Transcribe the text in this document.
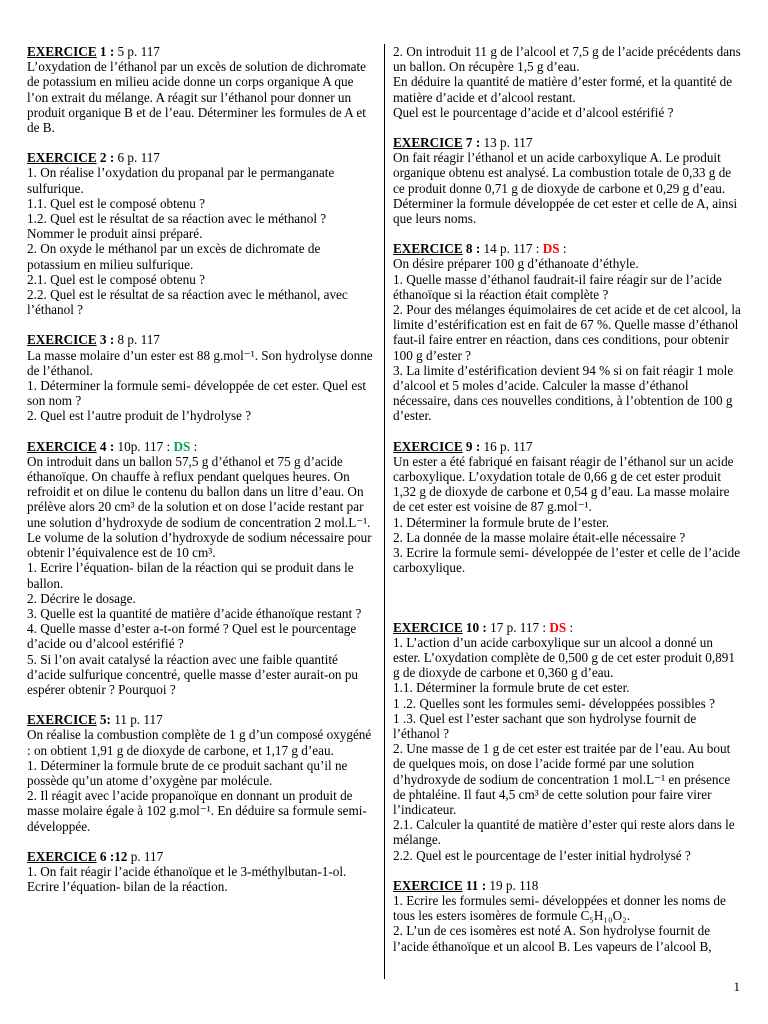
EXERCICE 1 : 5 p. 117

L’oxydation de l’éthanol par un excès de solution de dichromate de potassium en milieu acide donne un corps organique A que l’on extrait du mélange. A réagit sur l’éthanol pour donner un produit organique B et de l’eau. Déterminer les formules de A et de B.

EXERCICE 2 : 6 p. 117

1. On réalise l’oxydation du propanal par le permanganate sulfurique.

1.1. Quel est le composé obtenu ?

1.2. Quel est le résultat de sa réaction avec le méthanol ? Nommer le produit ainsi préparé.

2. On oxyde le méthanol par un excès de dichromate de potassium en milieu sulfurique.

2.1. Quel est le composé obtenu ?

2.2. Quel est le résultat de sa réaction avec le méthanol, avec l’éthanol ?

EXERCICE 3 : 8 p. 117

La masse molaire d’un ester est 88 g.mol⁻¹. Son hydrolyse donne de l’éthanol.

1. Déterminer la formule semi- développée de cet ester. Quel est son nom ?

2. Quel est l’autre produit de l’hydrolyse ?

EXERCICE 4 : 10p. 117 : DS :

On introduit dans un ballon 57,5 g d’éthanol et 75 g d’acide éthanoïque. On chauffe à reflux pendant quelques heures. On refroidit et on dilue le contenu du ballon dans un litre d’eau. On prélève alors 20 cm³ de la solution et on dose l’acide restant par une solution d’hydroxyde de sodium de concentration 2 mol.L⁻¹. Le volume de la solution d’hydroxyde de sodium nécessaire pour obtenir l’équivalence est de 10 cm³.

1. Ecrire l’équation- bilan de la réaction qui se produit dans le ballon.

2. Décrire le dosage.

3. Quelle est la quantité de matière d’acide éthanoïque restant ?

4. Quelle masse d’ester a-t-on formé ? Quel est le pourcentage d’acide ou d’alcool estérifié ?

5. Si l’on avait catalysé la réaction avec une faible quantité d’acide sulfurique concentré, quelle masse d’ester aurait-on pu espérer obtenir ? Pourquoi ?

EXERCICE 5: 11 p. 117

On réalise la combustion complète de 1 g d’un composé oxygéné : on obtient 1,91 g de dioxyde de carbone, et 1,17 g d’eau.

1. Déterminer la formule brute de ce produit sachant qu’il ne possède qu’un atome d’oxygène par molécule.

2. Il réagit avec l’acide propanoïque en donnant un produit de masse molaire égale à 102 g.mol⁻¹. En déduire sa formule semi- développée.

EXERCICE 6 :12 p. 117

1. On fait réagir l’acide éthanoïque et le 3-méthylbutan-1-ol. Ecrire l’équation- bilan de la réaction.

2. On introduit 11 g de l’alcool et 7,5 g de l’acide précédents dans un ballon. On récupère 1,5 g d’eau.

En déduire la quantité de matière d’ester formé, et la quantité de matière d’acide et d’alcool restant.

Quel est le pourcentage d’acide et d’alcool estérifié ?

EXERCICE 7 : 13 p. 117

On fait réagir l’éthanol et un acide carboxylique A. Le produit organique obtenu est analysé. La combustion totale de 0,33 g de ce produit donne 0,71 g de dioxyde de carbone et 0,29 g d’eau.

Déterminer la formule développée de cet ester et celle de A, ainsi que leurs noms.

EXERCICE 8 : 14 p. 117 : DS :

On désire préparer 100 g d’éthanoate d’éthyle.

1. Quelle masse d’éthanol faudrait-il faire réagir sur de l’acide éthanoïque si la réaction était complète ?

2. Pour des mélanges équimolaires de cet acide et de cet alcool, la limite d’estérification est en fait de 67 %. Quelle masse d’éthanol faut-il faire entrer en réaction, dans ces conditions, pour obtenir 100 g d’ester ?

3. La limite d’estérification devient 94 % si on fait réagir 1 mole d’alcool et 5 moles d’acide. Calculer la masse d’éthanol nécessaire, dans ces nouvelles conditions, à l’obtention de 100 g d’ester.

EXERCICE 9 : 16 p. 117

Un ester a été fabriqué en faisant réagir de l’éthanol sur un acide carboxylique. L’oxydation totale de 0,66 g de cet ester produit 1,32 g de dioxyde de carbone et 0,54 g d’eau. La masse molaire de cet ester est voisine de 87 g.mol⁻¹.

1. Déterminer la formule brute de l’ester.

2. La donnée de la masse molaire était-elle nécessaire ?

3. Ecrire la formule semi- développée de l’ester et celle de l’acide carboxylique.

EXERCICE 10 : 17 p. 117 : DS :

1. L’action d’un acide carboxylique sur un alcool a donné un ester. L’oxydation complète de 0,500 g de cet ester produit 0,891 g de dioxyde de carbone et 0,360 g d’eau.

1.1. Déterminer la formule brute de cet ester.

1 .2. Quelles sont les formules semi- développées possibles ?

1 .3. Quel est l’ester sachant que son hydrolyse fournit de l’éthanol ?

2. Une masse de 1 g de cet ester est traitée par de l’eau. Au bout de quelques mois, on dose l’acide formé par une solution d’hydroxyde de sodium de concentration 1 mol.L⁻¹ en présence de phtaléine. Il faut 4,5 cm³ de cette solution pour faire virer l’indicateur.

2.1. Calculer la quantité de matière d’ester qui reste alors dans le mélange.

2.2. Quel est le pourcentage de l’ester initial hydrolysé ?

EXERCICE 11 : 19 p. 118

1. Ecrire les formules semi- développées et donner les noms de tous les esters isomères de formule C₅H₁₀O₂.

2. L’un de ces isomères est noté A. Son hydrolyse fournit de l’acide éthanoïque et un alcool B. Les vapeurs de l’alcool B,

1
